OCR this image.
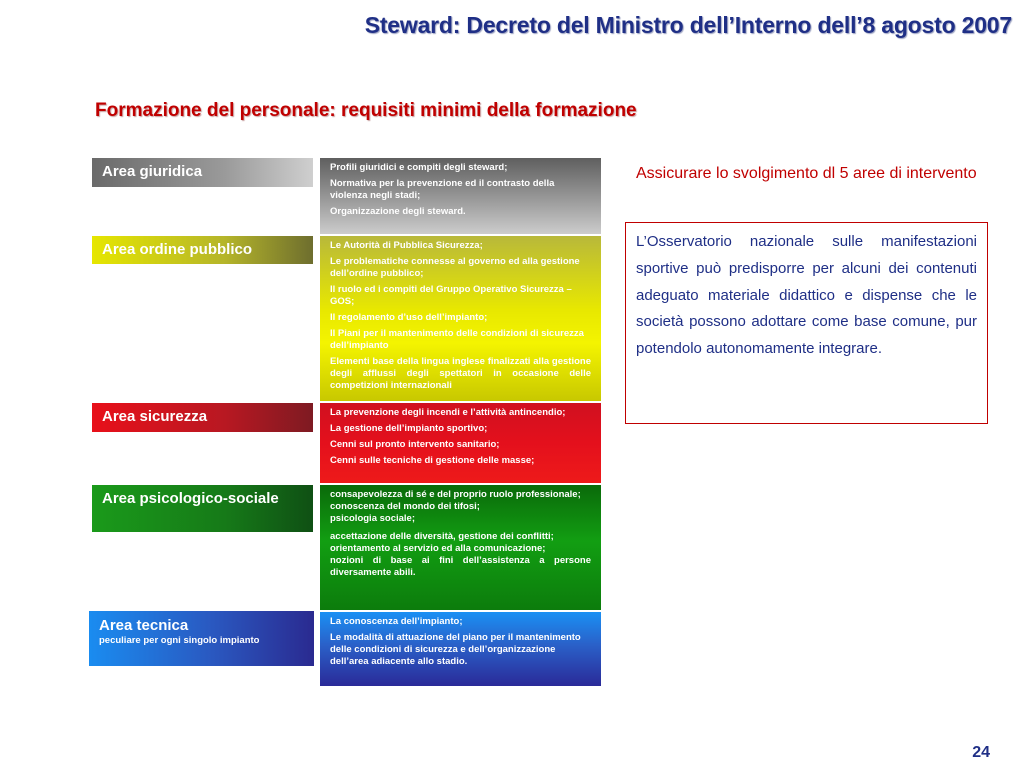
Steward: Decreto del Ministro dell’Interno dell’8 agosto 2007
Formazione del personale: requisiti minimi della formazione
Area giuridica	Profili giuridici e compiti degli steward;

Normativa per la prevenzione ed il contrasto della violenza negli stadi;

Organizzazione degli steward.

Area ordine pubblico	Le Autorità di Pubblica Sicurezza;

Le problematiche connesse al governo ed alla gestione dell’ordine pubblico;

Il ruolo ed i compiti del Gruppo Operativo Sicurezza – GOS;

Il regolamento d’uso dell’impianto;

Il Piani per il mantenimento delle condizioni di sicurezza dell’impianto

Elementi base della lingua inglese finalizzati alla gestione degli afflussi degli spettatori in occasione delle competizioni internazionali

Area sicurezza	La prevenzione degli incendi e l’attività antincendio;

La gestione dell’impianto sportivo;

Cenni sul pronto intervento sanitario;

Cenni sulle tecniche di gestione delle masse;

Area psicologico-sociale	consapevolezza di sé e del proprio ruolo professionale;

conoscenza del mondo dei tifosi;

psicologia sociale;

accettazione delle diversità, gestione dei conflitti;

orientamento al servizio ed alla comunicazione;

nozioni di base ai fini dell’assistenza a persone diversamente abili.

Area tecnica
peculiare per ogni singolo impianto

La conoscenza dell’impianto;

Le modalità di attuazione del piano per il mantenimento delle condizioni di sicurezza e dell’organizzazione dell’area adiacente allo stadio.

Assicurare lo svolgimento dl 5 aree di intervento

L’Osservatorio nazionale sulle manifestazioni sportive può predisporre per alcuni dei contenuti adeguato materiale didattico e dispense che le società possono adottare come base comune, pur potendolo autonomamente integrare.

24
